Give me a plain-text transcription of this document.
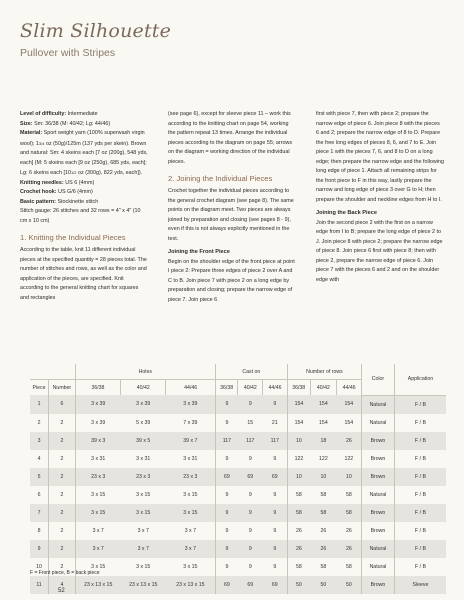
Slim Silhouette
Pullover with Stripes

Level of difficulty: Intermediate

Size: Sm: 36/38 (M: 40/42; Lg: 44/46)

Material: Sport weight yarn (100% superwash virgin wool); 13/4 oz (50g)/125m (137 yds per skein). Brown and natural: Sm: 4 skeins each [7 oz (200g), 548 yds, each] (M: 5 skeins each [9 oz (250g), 685 yds, each]; Lg: 6 skeins each [101/2 oz (300g), 822 yds, each]).

Knitting needles: US 6 (4mm)

Crochet hook: US G/6 (4mm)

Basic pattern: Stockinette stitch

Stitch gauge: 26 stitches and 32 rows = 4" x 4" (10 cm x 10 cm)

1. Knitting the Individual Pieces

According to the table, knit 11 different individual pieces at the specified quantity = 28 pieces total. The number of stitches and rows, as well as the color and application of the pieces, are specified. Knit according to the general knitting chart for squares and rectangles

(see page 6), except for sleeve piece 11 – work this according to the knitting chart on page 54, working the pattern repeat 13 times. Arrange the individual pieces according to the diagram on page 55; arrows on the diagram = working direction of the individual pieces.

2. Joining the Individual Pieces

Crochet together the individual pieces according to the general crochet diagram (see page 8). The same points on the diagram meet. Two pieces are always joined by preparation and closing (see pages 8 - 9), even if this is not always explicitly mentioned in the text.

Joining the Front Piece

Begin on the shoulder edge of the front piece at point I piece 2: Prepare three edges of piece 2 over A and C to B. Join piece 7 with piece 2 on a long edge by preparation and closing; prepare the narrow edge of piece 7. Join piece 6

first with piece 7, then with piece 2; prepare the narrow edge of piece 6. Join piece 8 with the pieces 6 and 2; prepare the narrow edge of 8 to D. Prepare the free long edges of pieces 8, 6, and 7 to E. Join piece 1 with the pieces 7, 6, and 8 to D on a long edge; then prepare the narrow edge and the following long edge of piece 1. Attach all remaining strips for the front piece to F in this way, lastly prepare the narrow and long edge of piece 3 over G to H; then prepare the shoulder and neckline edges from H to I.

Joining the Back Piece

Join the second piece 2 with the first on a narrow edge from I to B; prepare the long edge of piece 2 to J. Join piece 8 with piece 2; prepare the narrow edge of piece 8. Join piece 6 first with piece 8; then with piece 2, prepare the narrow edge of piece 6. Join piece 7 with the pieces 6 and 2 and on the shoulder edge with

		Holes			Cast on			Number of rows			Color	Application
Piece	Number	36/38	40/42	44/46	36/38	40/42	44/46	36/38	40/42	44/46		
1	6	3 x 39	3 x 39	3 x 39	9	9	9	154	154	154	Natural	F / B
2	2	3 x 39	5 x 39	7 x 39	9	15	21	154	154	154	Natural	F / B
3	2	39 x 3	39 x 5	39 x 7	117	117	117	10	18	26	Brown	F / B
4	2	3 x 31	3 x 31	3 x 31	9	9	9	122	122	122	Brown	F / B
5	2	23 x 3	23 x 3	23 x 3	69	69	69	10	10	10	Brown	F / B
6	2	3 x 15	3 x 15	3 x 15	9	9	9	58	58	58	Natural	F / B
7	2	3 x 15	3 x 15	3 x 15	9	9	9	58	58	58	Brown	F / B
8	2	3 x 7	3 x 7	3 x 7	9	9	9	26	26	26	Brown	F / B
9	2	3 x 7	3 x 7	3 x 7	9	9	9	26	26	26	Natural	F / B
10	2	3 x 15	3 x 15	3 x 15	9	9	9	58	58	58	Natural	F / B
11	4	23 x 13 x 15	23 x 13 x 15	23 x 13 x 15	69	69	69	50	50	50	Brown	Sleeve
F = Front piece, B = back piece
52
